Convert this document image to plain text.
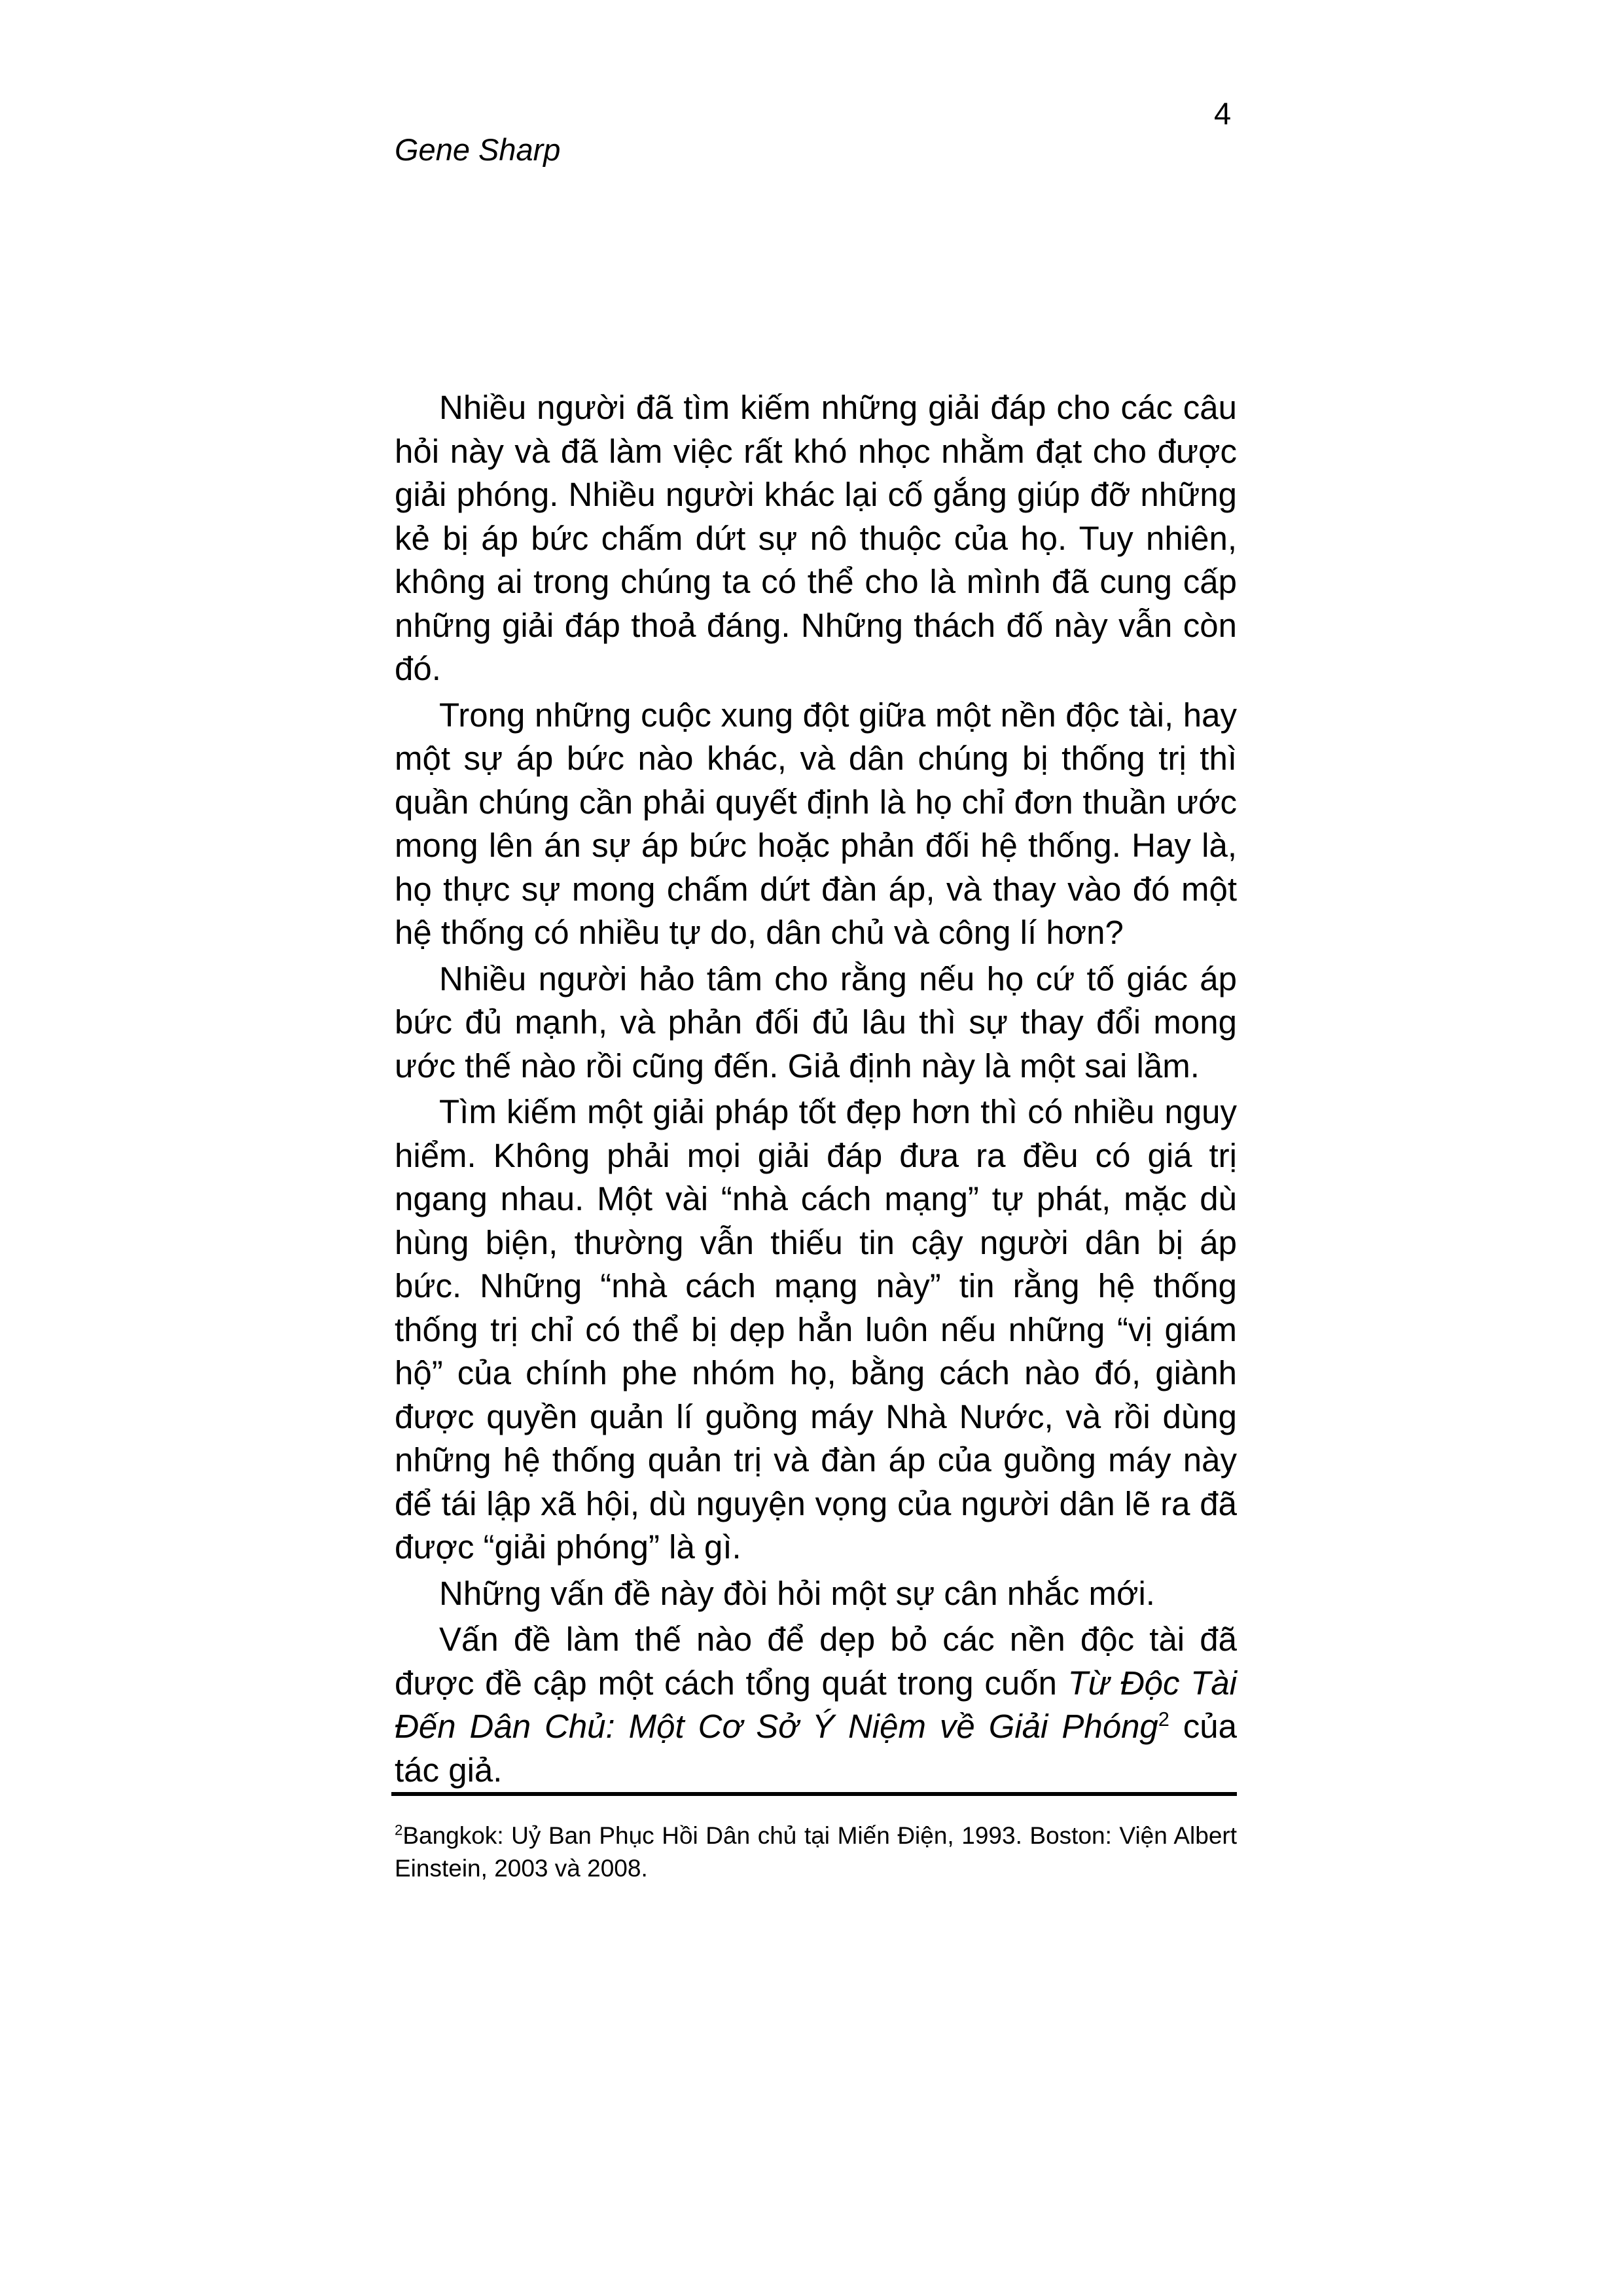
4
Gene Sharp

Nhiều người đã tìm kiếm những giải đáp cho các câu hỏi này và đã làm việc rất khó nhọc nhằm đạt cho được giải phóng. Nhiều người khác lại cố gắng giúp đỡ những kẻ bị áp bức chấm dứt sự nô thuộc của họ. Tuy nhiên, không ai trong chúng ta có thể cho là mình đã cung cấp những giải đáp thoả đáng. Những thách đố này vẫn còn đó.

Trong những cuộc xung đột giữa một nền độc tài, hay một sự áp bức nào khác, và dân chúng bị thống trị thì quần chúng cần phải quyết định là họ chỉ đơn thuần ước mong lên án sự áp bức hoặc phản đối hệ thống. Hay là, họ thực sự mong chấm dứt đàn áp, và thay vào đó một hệ thống có nhiều tự do, dân chủ và công lí hơn?

Nhiều người hảo tâm cho rằng nếu họ cứ tố giác áp bức đủ mạnh, và phản đối đủ lâu thì sự thay đổi mong ước thế nào rồi cũng đến. Giả định này là một sai lầm.

Tìm kiếm một giải pháp tốt đẹp hơn thì có nhiều nguy hiểm. Không phải mọi giải đáp đưa ra đều có giá trị ngang nhau. Một vài “nhà cách mạng” tự phát, mặc dù hùng biện, thường vẫn thiếu tin cậy người dân bị áp bức. Những “nhà cách mạng này” tin rằng hệ thống thống trị chỉ có thể bị dẹp hẳn luôn nếu những “vị giám hộ” của chính phe nhóm họ, bằng cách nào đó, giành được quyền quản lí guồng máy Nhà Nước, và rồi dùng những hệ thống quản trị và đàn áp của guồng máy này để tái lập xã hội, dù nguyện vọng của người dân lẽ ra đã được “giải phóng” là gì.

Những vấn đề này đòi hỏi một sự cân nhắc mới.

Vấn đề làm thế nào để dẹp bỏ các nền độc tài đã được đề cập một cách tổng quát trong cuốn Từ Độc Tài Đến Dân Chủ: Một Cơ Sở Ý Niệm về Giải Phóng$^2$ của tác giả.

$^2$Bangkok: Uỷ Ban Phục Hồi Dân chủ tại Miến Điện, 1993. Boston: Viện Albert Einstein, 2003 và 2008.
